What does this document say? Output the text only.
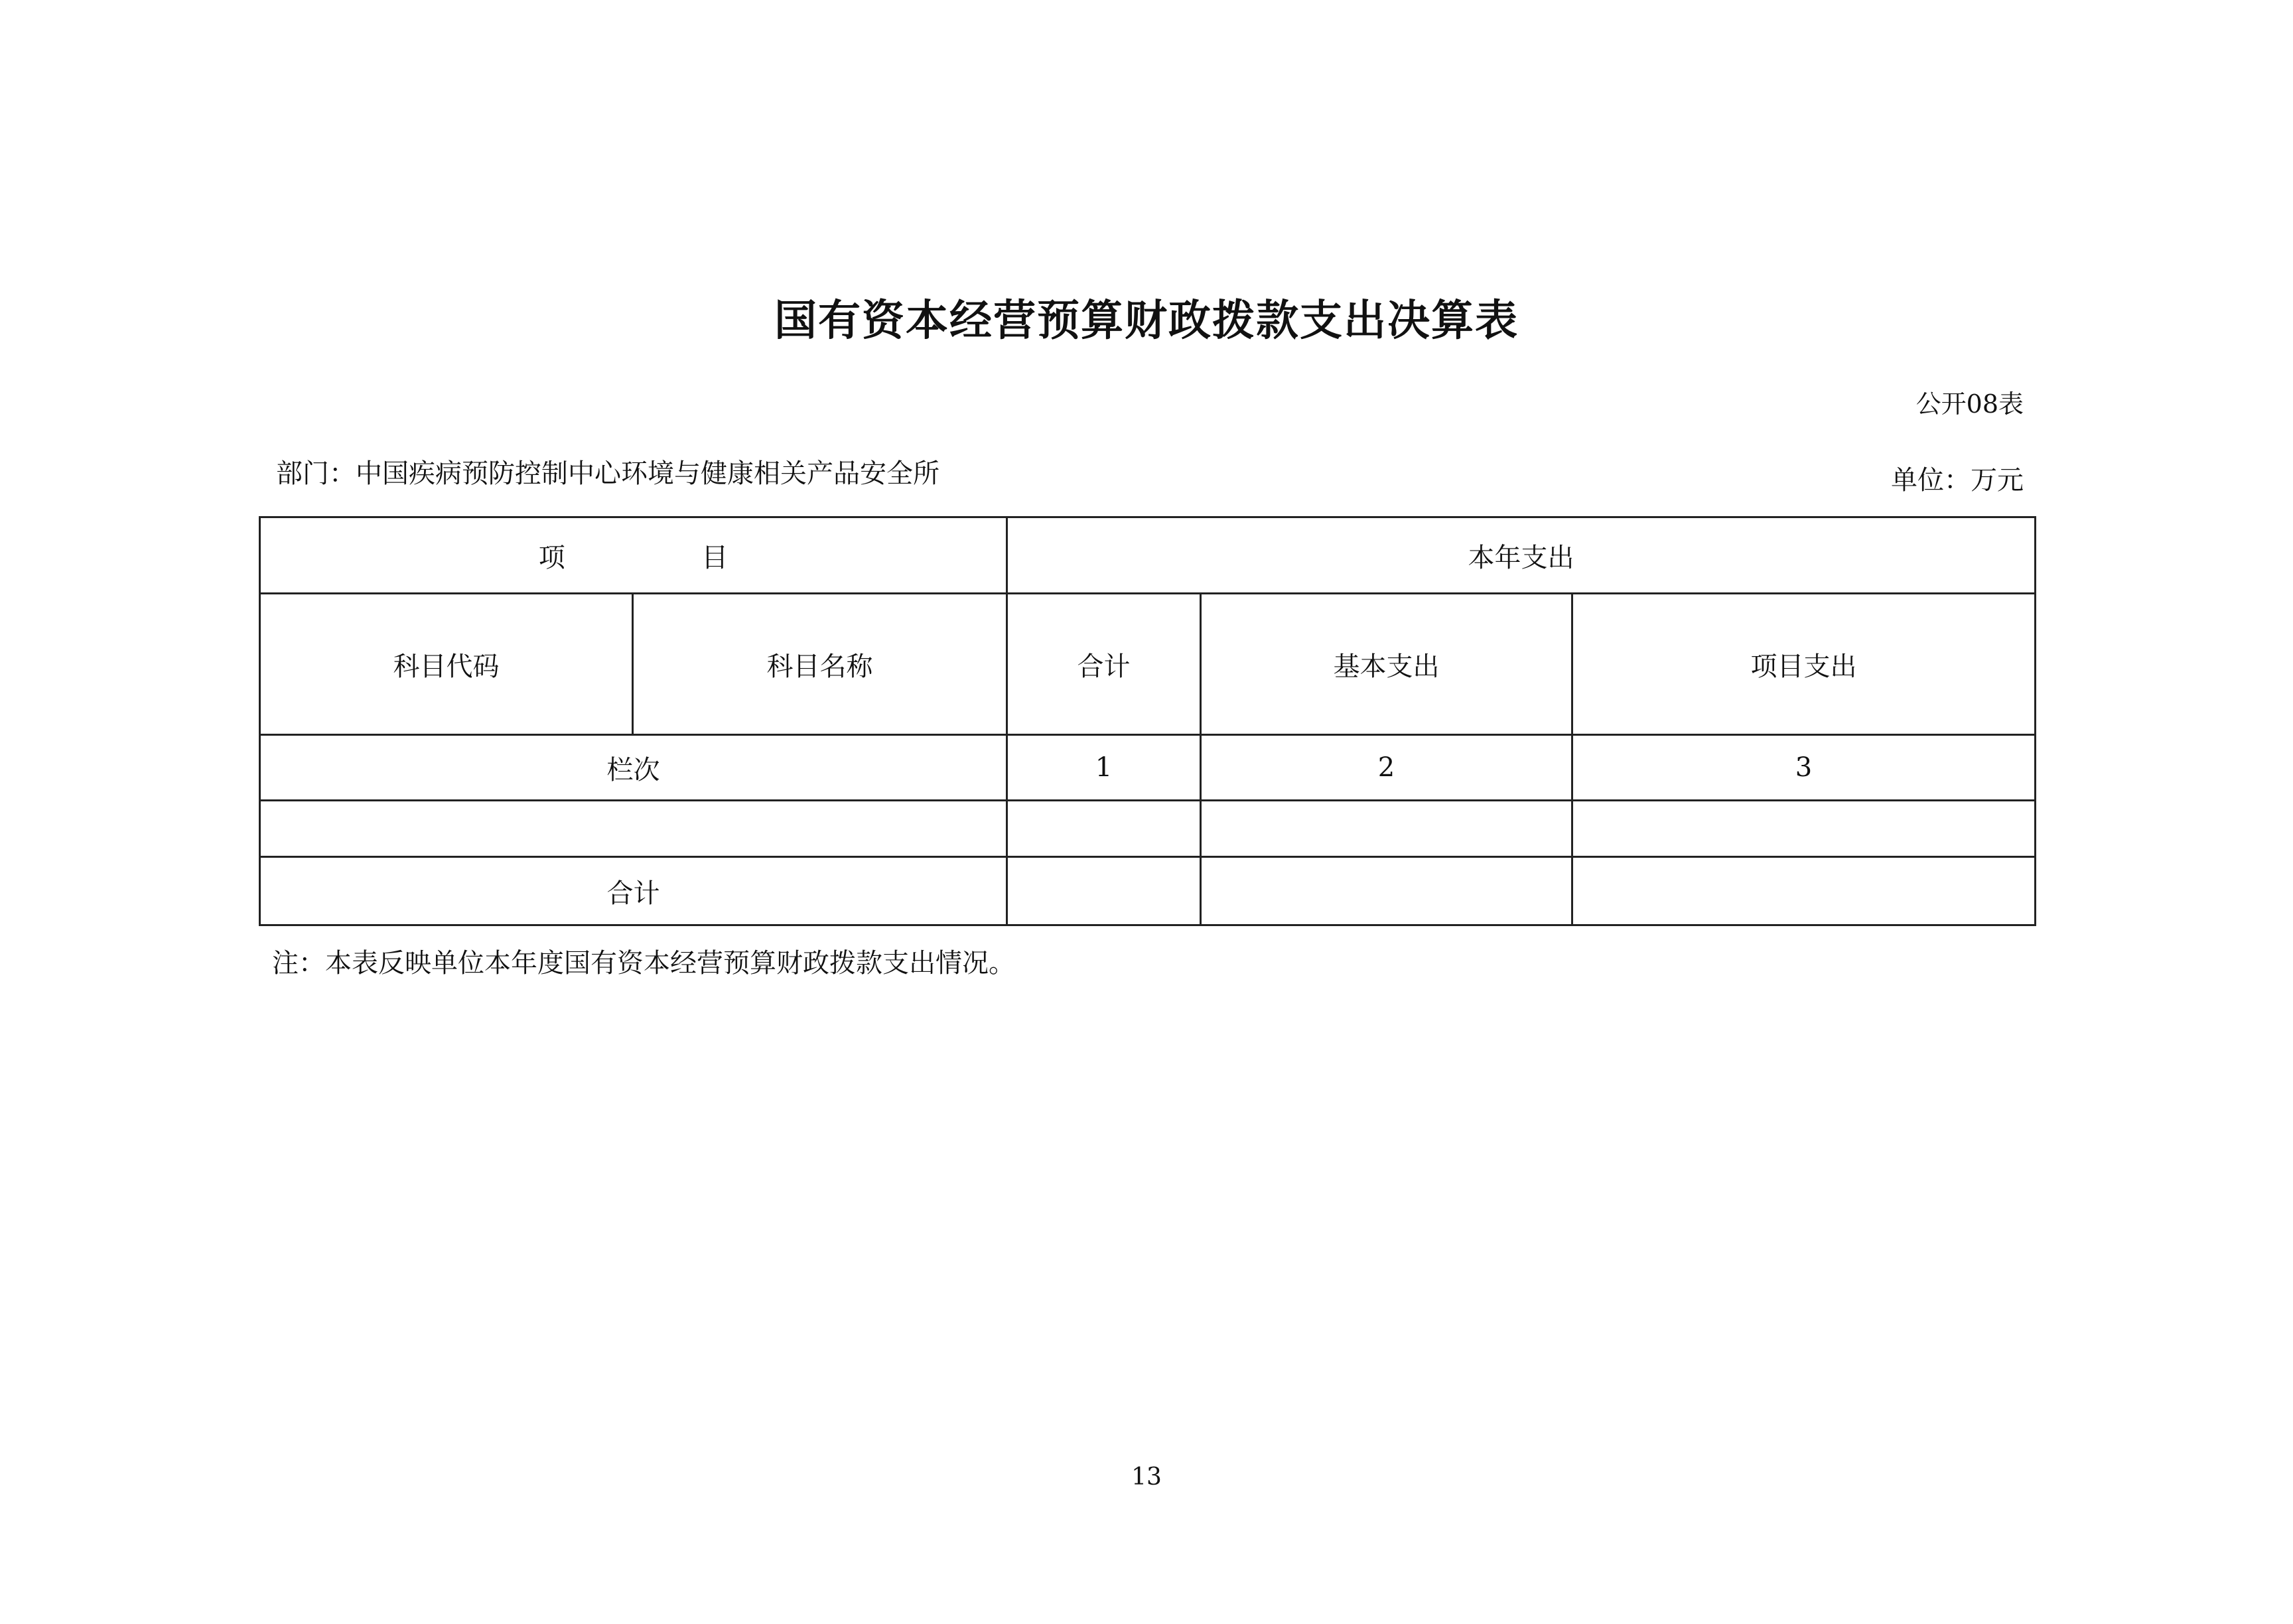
国有资本经营预算财政拨款支出决算表
公开08表
部门：中国疾病预防控制中心环境与健康相关产品安全所	单位：万元
项 目		本年支出		
科目代码	科目名称	合计	基本支出	项目支出
栏次		1	2	3

合计				
注：本表反映单位本年度国有资本经营预算财政拨款支出情况。
13
